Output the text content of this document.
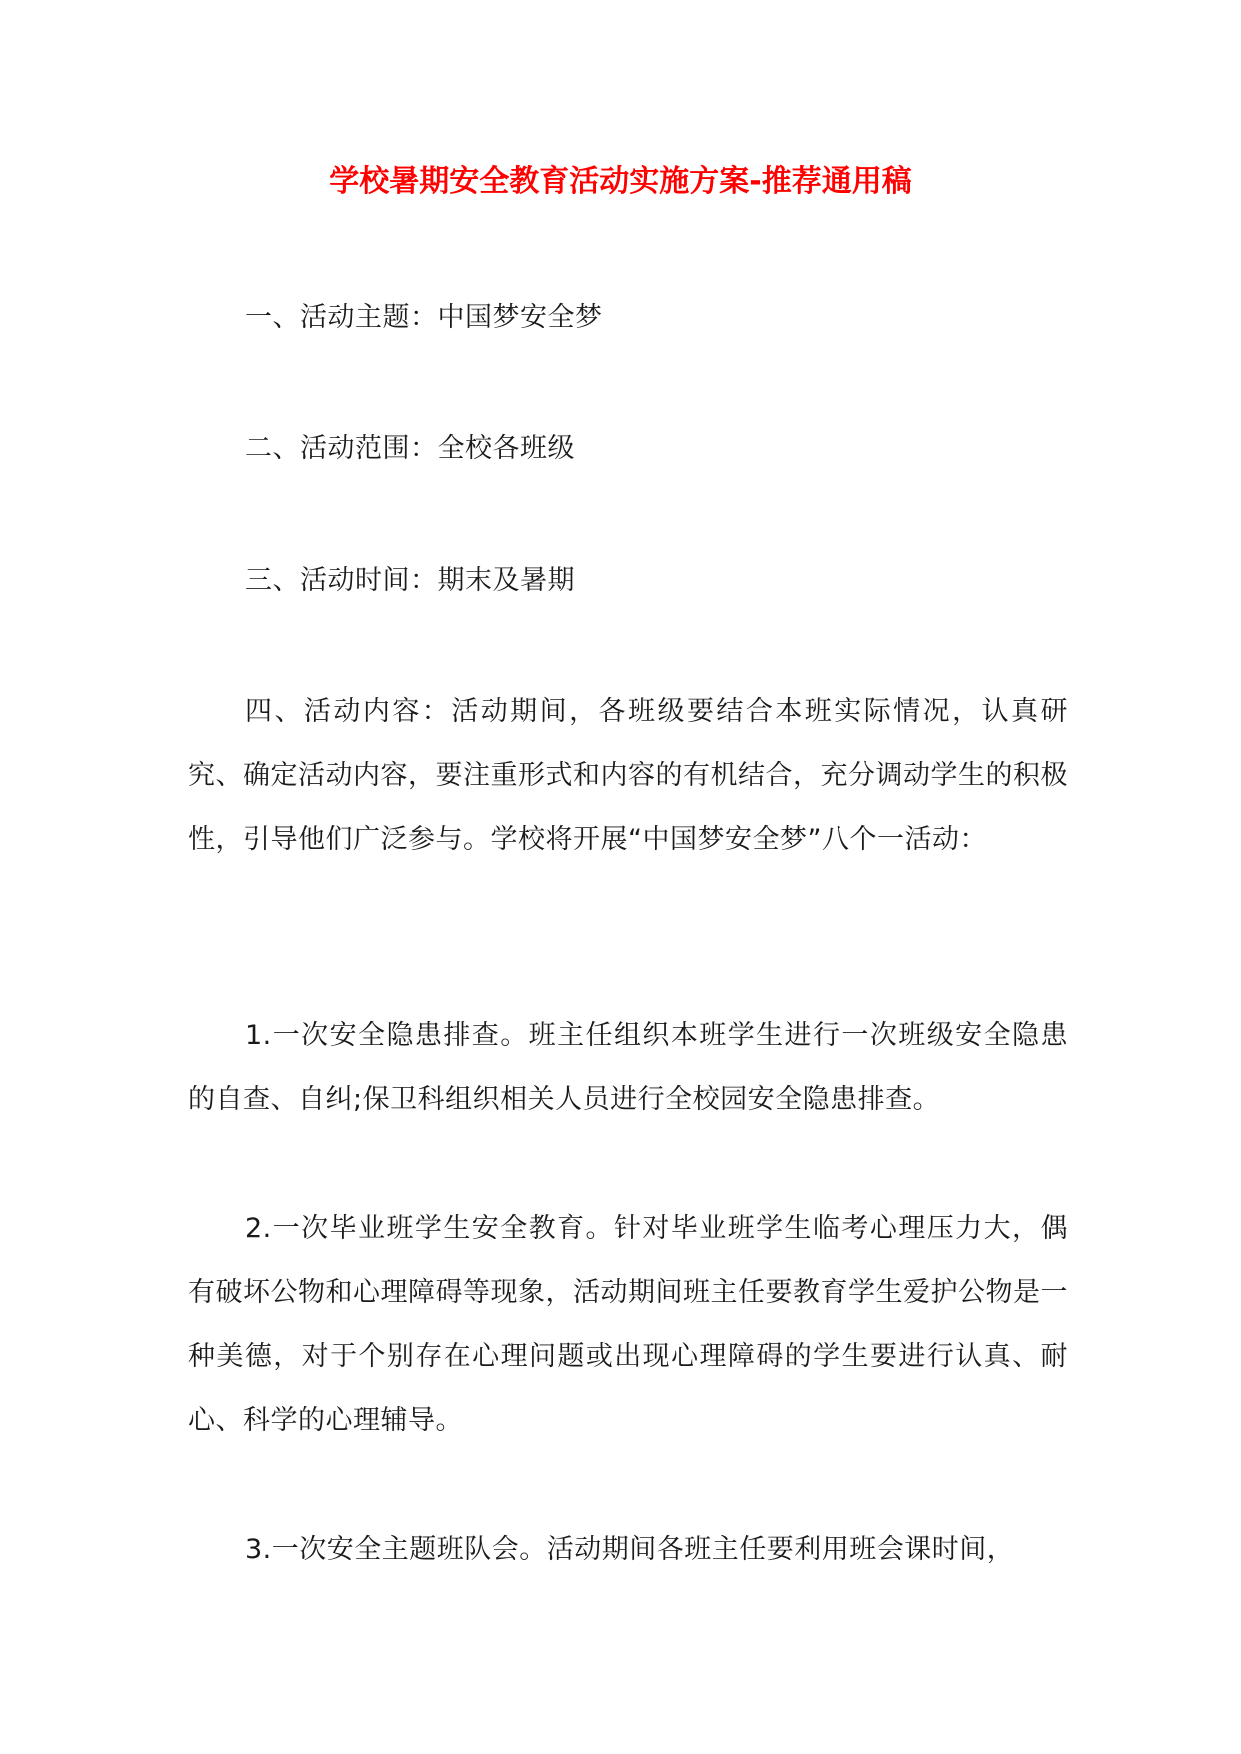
学校暑期安全教育活动实施方案-推荐通用稿

一、活动主题：中国梦安全梦

二、活动范围：全校各班级

三、活动时间：期末及暑期

四、活动内容：活动期间，各班级要结合本班实际情况，认真研究、确定活动内容，要注重形式和内容的有机结合，充分调动学生的积极性，引导他们广泛参与。学校将开展“中国梦安全梦”八个一活动：

1.一次安全隐患排查。班主任组织本班学生进行一次班级安全隐患的自查、自纠;保卫科组织相关人员进行全校园安全隐患排查。

2.一次毕业班学生安全教育。针对毕业班学生临考心理压力大，偶有破坏公物和心理障碍等现象，活动期间班主任要教育学生爱护公物是一种美德，对于个别存在心理问题或出现心理障碍的学生要进行认真、耐心、科学的心理辅导。

3.一次安全主题班队会。活动期间各班主任要利用班会课时间，
